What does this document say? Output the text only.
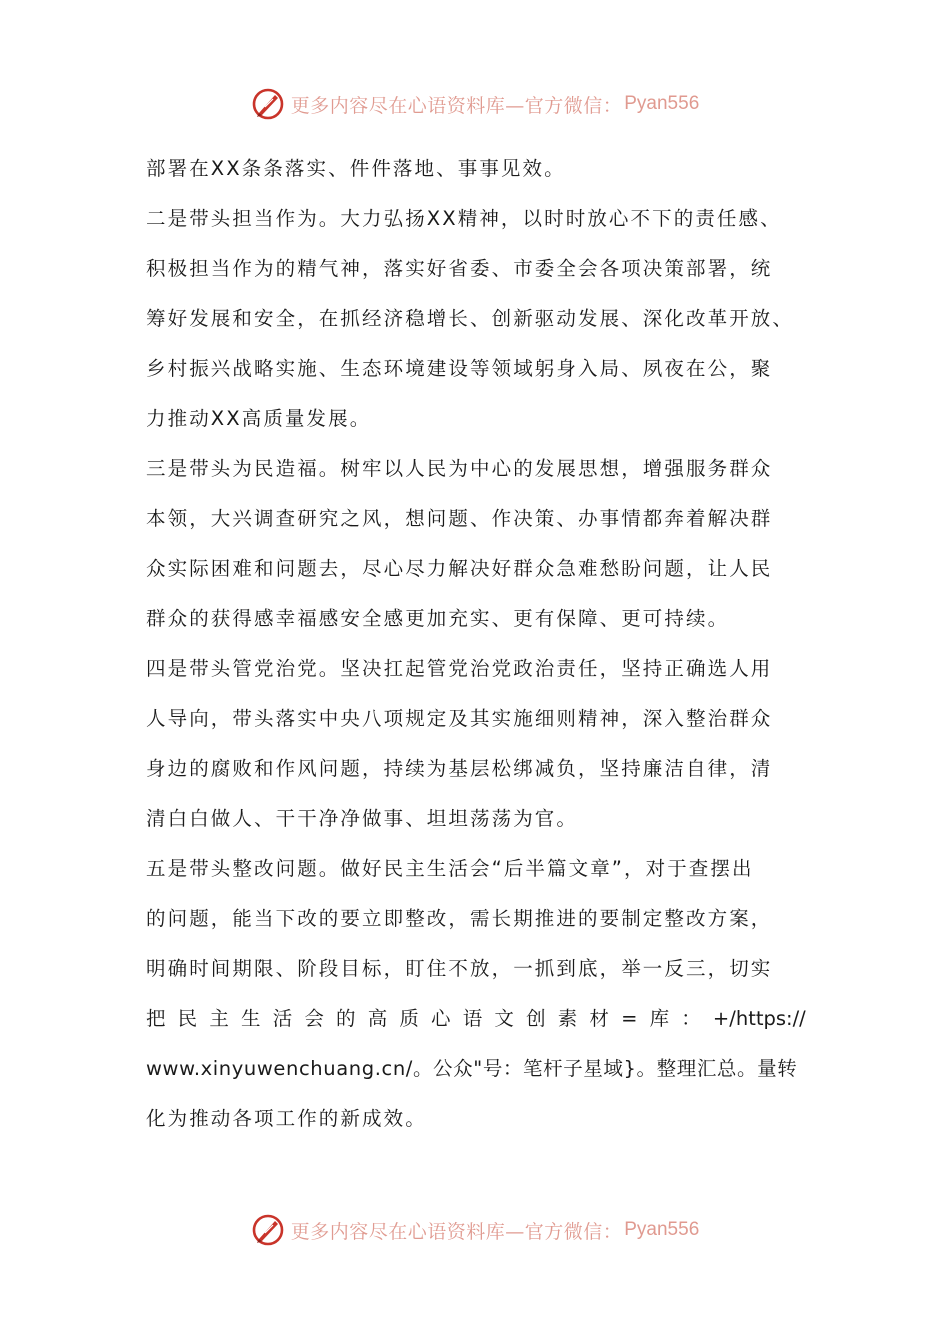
更多内容尽在心语资料库—官方微信： Pyan556
部署在XX条条落实、件件落地、事事见效。
二是带头担当作为。大力弘扬XX精神，以时时放心不下的责任感、
积极担当作为的精气神，落实好省委、市委全会各项决策部署，统
筹好发展和安全，在抓经济稳增长、创新驱动发展、深化改革开放、
乡村振兴战略实施、生态环境建设等领域躬身入局、夙夜在公，聚
力推动XX高质量发展。
三是带头为民造福。树牢以人民为中心的发展思想，增强服务群众
本领，大兴调查研究之风，想问题、作决策、办事情都奔着解决群
众实际困难和问题去，尽心尽力解决好群众急难愁盼问题，让人民
群众的获得感幸福感安全感更加充实、更有保障、更可持续。
四是带头管党治党。坚决扛起管党治党政治责任，坚持正确选人用
人导向，带头落实中央八项规定及其实施细则精神，深入整治群众
身边的腐败和作风问题，持续为基层松绑减负，坚持廉洁自律，清
清白白做人、干干净净做事、坦坦荡荡为官。
五是带头整改问题。做好民主生活会“后半篇文章”，对于查摆出
的问题，能当下改的要立即整改，需长期推进的要制定整改方案，
明确时间期限、阶段目标，盯住不放，一抓到底，举一反三，切实
把 民 主 生 活 会 的 高 质 心 语 文 创 素 材 = 库 ： +/https://
www.xinyuwenchuang.cn/。公众"号：笔杆子星域}。整理汇总。量转
化为推动各项工作的新成效。
更多内容尽在心语资料库—官方微信： Pyan556
